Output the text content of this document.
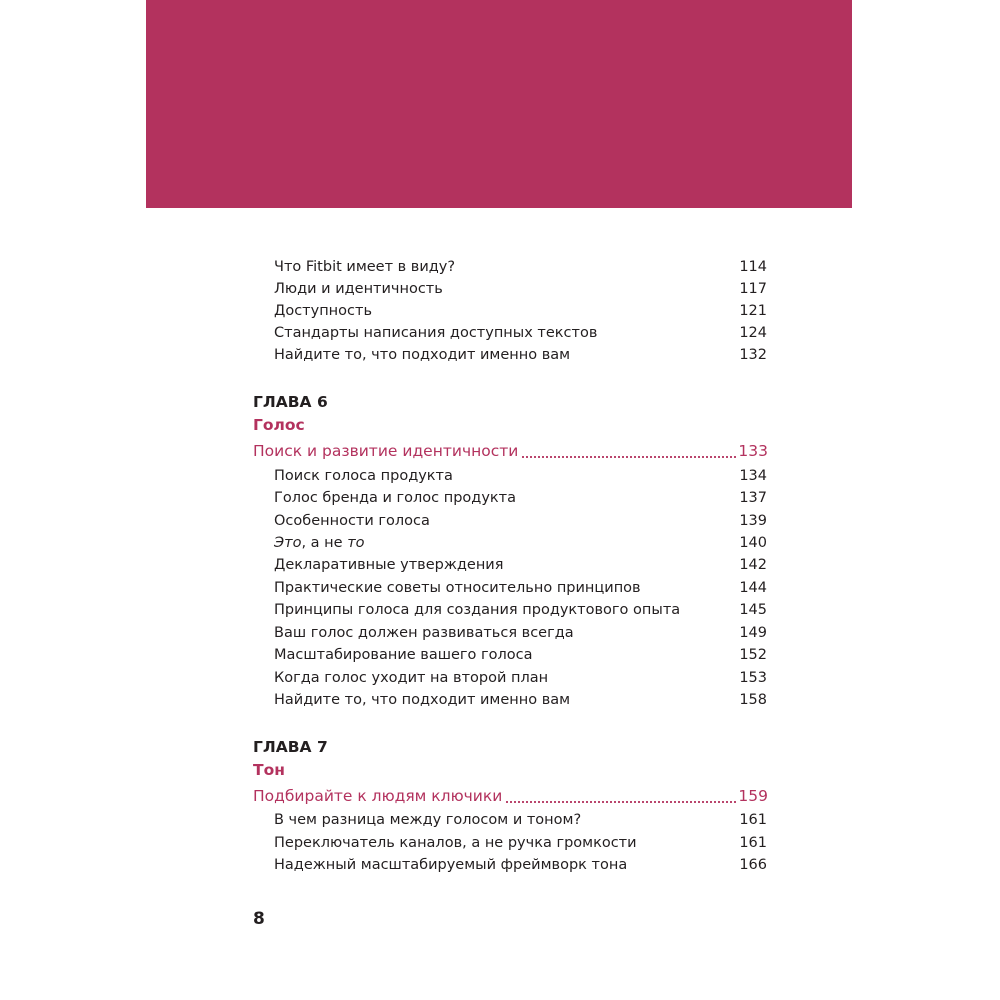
Что Fitbit имеет в виду?	114
Люди и идентичность	117
Доступность	121
Стандарты написания доступных текстов	124
Найдите то, что подходит именно вам	132
ГЛАВА 6
Голос
Поиск и развитие идентичности	133
Поиск голоса продукта	134
Голос бренда и голос продукта	137
Особенности голоса	139
Это, а не то	140
Декларативные утверждения	142
Практические советы относительно принципов	144
Принципы голоса для создания продуктового опыта	145
Ваш голос должен развиваться всегда	149
Масштабирование вашего голоса	152
Когда голос уходит на второй план	153
Найдите то, что подходит именно вам	158
ГЛАВА 7
Тон
Подбирайте к людям ключики	159
В чем разница между голосом и тоном?	161
Переключатель каналов, а не ручка громкости	161
Надежный масштабируемый фреймворк тона	166
8
